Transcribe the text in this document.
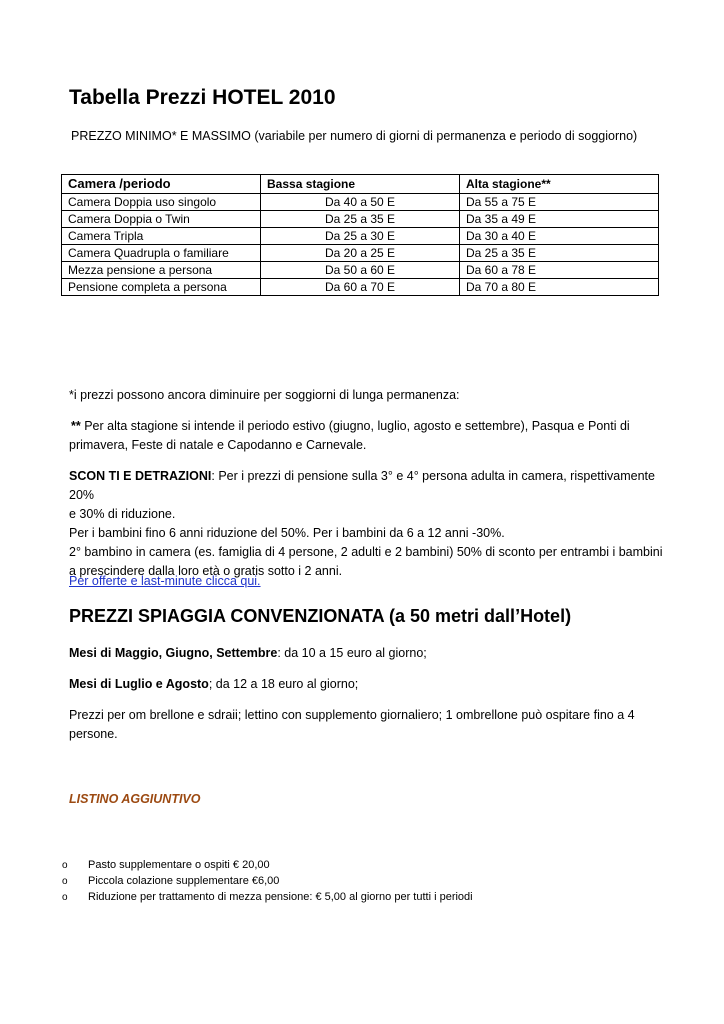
Tabella Prezzi HOTEL 2010
PREZZO MINIMO* E MASSIMO (variabile per numero di giorni di permanenza e periodo di soggiorno)
Camera /periodo	Bassa stagione	Alta stagione**
Camera Doppia uso singolo	Da 40 a 50 E	Da 55 a 75 E
Camera Doppia o Twin	Da 25 a 35 E	Da 35 a 49 E
Camera Tripla	Da 25 a 30 E	Da 30 a 40 E
Camera Quadrupla o familiare	Da 20 a 25 E	Da 25 a 35 E
Mezza pensione a persona	Da 50 a 60 E	Da 60 a 78 E
Pensione completa a persona	Da 60 a 70 E	Da 70 a 80 E
*i prezzi possono ancora diminuire per soggiorni di lunga permanenza:
** Per alta stagione si intende il periodo estivo (giugno, luglio, agosto e settembre), Pasqua e Ponti di
primavera, Feste di natale e Capodanno e Carnevale.
SCON TI E DETRAZIONI: Per i prezzi di pensione sulla 3° e 4° persona adulta in camera, rispettivamente 20%
e 30% di riduzione.
Per i bambini fino 6 anni riduzione del 50%. Per i bambini da 6 a 12 anni -30%.
2° bambino in camera (es. famiglia di 4 persone, 2 adulti e 2 bambini) 50% di sconto per entrambi i bambini
a prescindere dalla loro età o gratis sotto i 2 anni.
Per offerte e last-minute clicca qui.
PREZZI SPIAGGIA CONVENZIONATA (a 50 metri dall’Hotel)
Mesi di Maggio, Giugno, Settembre: da 10 a 15 euro al giorno;
Mesi di Luglio e Agosto; da 12 a 18 euro al giorno;
Prezzi per om brellone e sdraii; lettino con supplemento giornaliero; 1 ombrellone può ospitare fino a 4
persone.
LISTINO AGGIUNTIVO
o Pasto supplementare o ospiti € 20,00
o Piccola colazione supplementare €6,00
o Riduzione per trattamento di mezza pensione: € 5,00 al giorno per tutti i periodi
